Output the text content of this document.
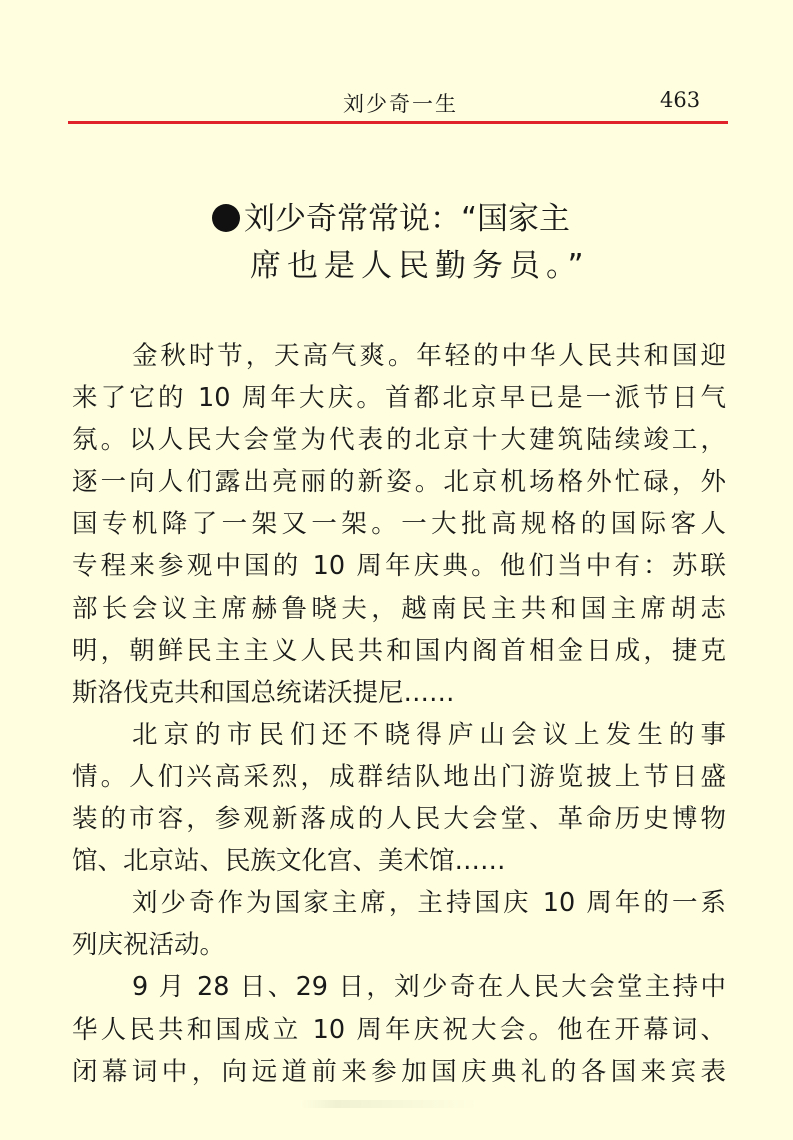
刘少奇一生	463
刘少奇常常说：“国家主
席也是人民勤务员。”
金秋时节，天高气爽。年轻的中华人民共和国迎
来了它的 10 周年大庆。首都北京早已是一派节日气
氛。以人民大会堂为代表的北京十大建筑陆续竣工，
逐一向人们露出亮丽的新姿。北京机场格外忙碌，外
国专机降了一架又一架。一大批高规格的国际客人
专程来参观中国的 10 周年庆典。他们当中有：苏联
部长会议主席赫鲁晓夫，越南民主共和国主席胡志
明，朝鲜民主主义人民共和国内阁首相金日成，捷克
斯洛伐克共和国总统诺沃提尼……
北京的市民们还不晓得庐山会议上发生的事
情。人们兴高采烈，成群结队地出门游览披上节日盛
装的市容，参观新落成的人民大会堂、革命历史博物
馆、北京站、民族文化宫、美术馆……
刘少奇作为国家主席，主持国庆 10 周年的一系
列庆祝活动。
9 月 28 日、29 日，刘少奇在人民大会堂主持中
华人民共和国成立 10 周年庆祝大会。他在开幕词、
闭幕词中，向远道前来参加国庆典礼的各国来宾表
